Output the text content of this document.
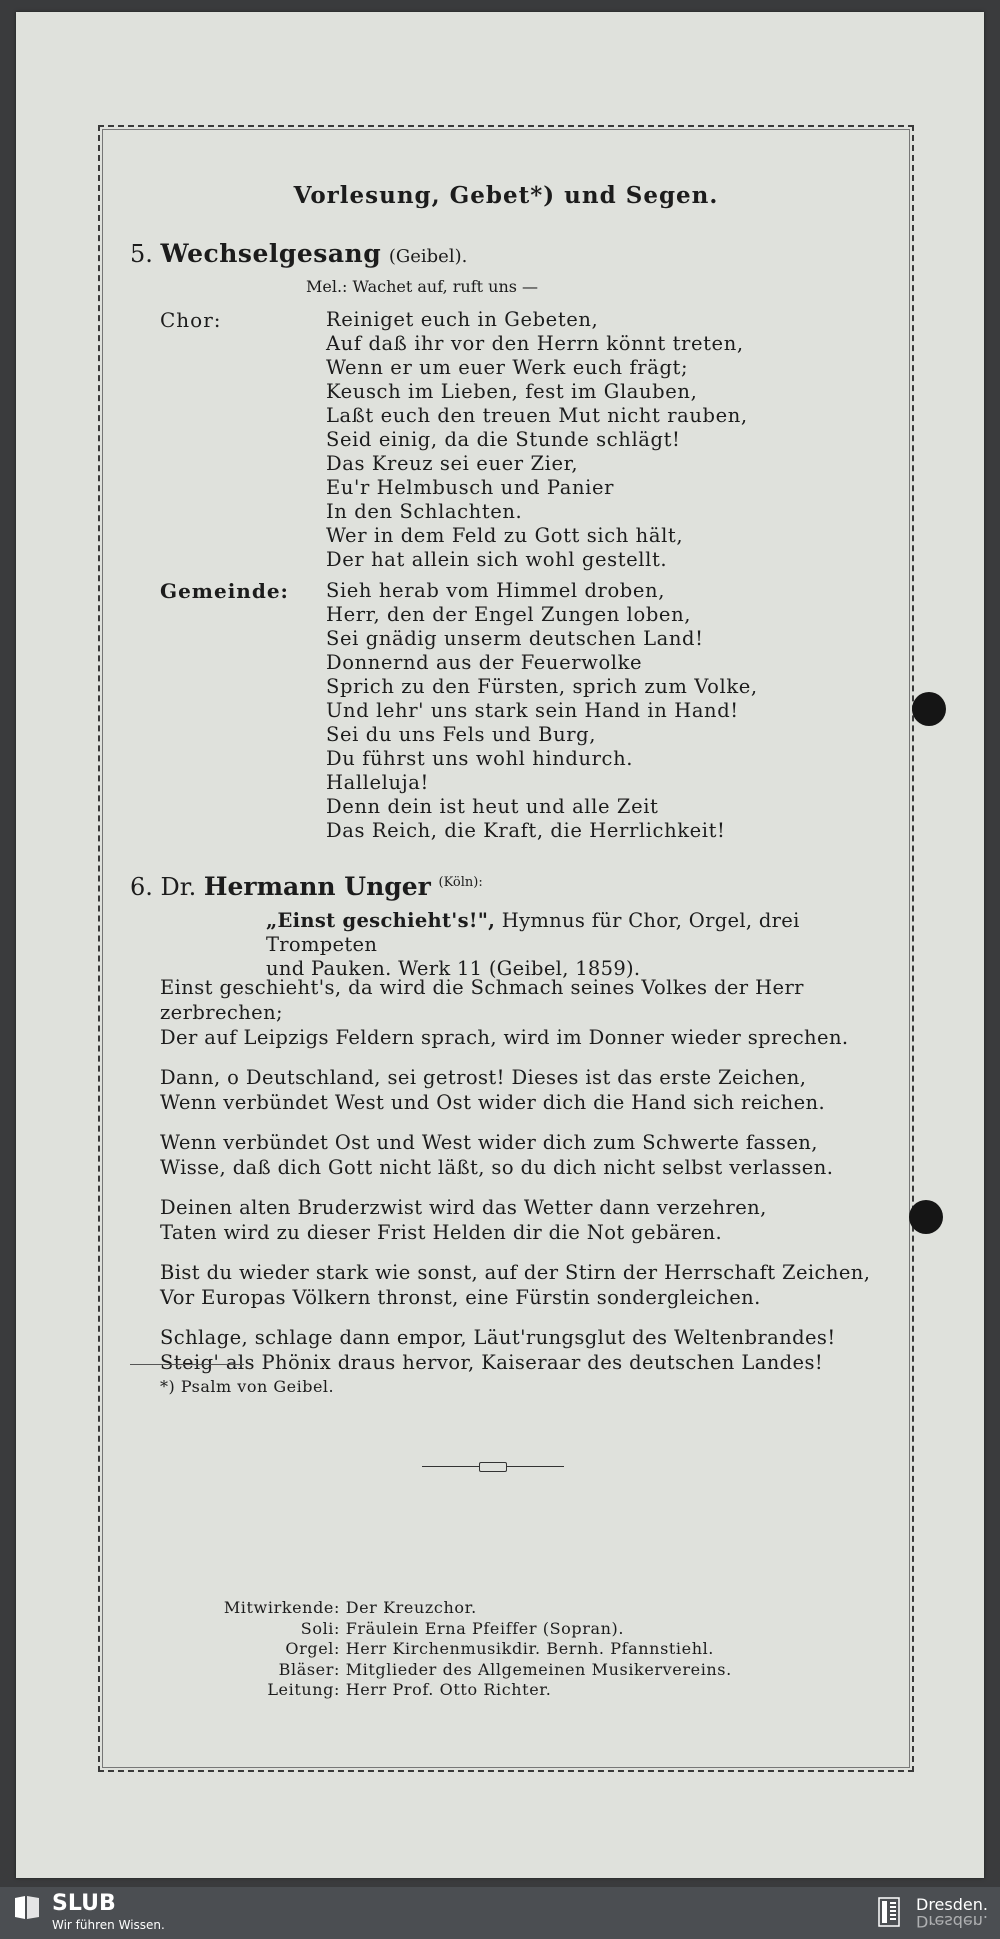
Vorlesung, Gebet*) und Segen.
5. Wechselgesang (Geibel).
Mel.: Wachet auf, ruft uns —
Chor:	Reiniget euch in Gebeten,
Auf daß ihr vor den Herrn könnt treten,
Wenn er um euer Werk euch frägt;
Keusch im Lieben, fest im Glauben,
Laßt euch den treuen Mut nicht rauben,
Seid einig, da die Stunde schlägt!
Das Kreuz sei euer Zier,
Eu'r Helmbusch und Panier
In den Schlachten.
Wer in dem Feld zu Gott sich hält,
Der hat allein sich wohl gestellt.
Gemeinde: Sieh herab vom Himmel droben,
Herr, den der Engel Zungen loben,
Sei gnädig unserm deutschen Land!
Donnernd aus der Feuerwolke
Sprich zu den Fürsten, sprich zum Volke,
Und lehr' uns stark sein Hand in Hand!
Sei du uns Fels und Burg,
Du führst uns wohl hindurch.
Halleluja!
Denn dein ist heut und alle Zeit
Das Reich, die Kraft, die Herrlichkeit!
6. Dr. Hermann Unger $^{(Köln):}$
„Einst geschieht's!", Hymnus für Chor, Orgel, drei Trompeten
und Pauken. Werk 11 (Geibel, 1859).
Einst geschieht's, da wird die Schmach seines Volkes der Herr zerbrechen;
Der auf Leipzigs Feldern sprach, wird im Donner wieder sprechen.
Dann, o Deutschland, sei getrost! Dieses ist das erste Zeichen,
Wenn verbündet West und Ost wider dich die Hand sich reichen.
Wenn verbündet Ost und West wider dich zum Schwerte fassen,
Wisse, daß dich Gott nicht läßt, so du dich nicht selbst verlassen.
Deinen alten Bruderzwist wird das Wetter dann verzehren,
Taten wird zu dieser Frist Helden dir die Not gebären.
Bist du wieder stark wie sonst, auf der Stirn der Herrschaft Zeichen,
Vor Europas Völkern thronst, eine Fürstin sondergleichen.
Schlage, schlage dann empor, Läut'rungsglut des Weltenbrandes!
Steig' als Phönix draus hervor, Kaiseraar des deutschen Landes!
*) Psalm von Geibel.
Mitwirkende: Der Kreuzchor.
Soli: Fräulein Erna Pfeiffer (Sopran).
Orgel: Herr Kirchenmusikdir. Bernh. Pfannstiehl.
Bläser: Mitglieder des Allgemeinen Musikervereins.
Leitung: Herr Prof. Otto Richter.
SLUB
Wir führen Wissen.
Dresden.
Dresden.
